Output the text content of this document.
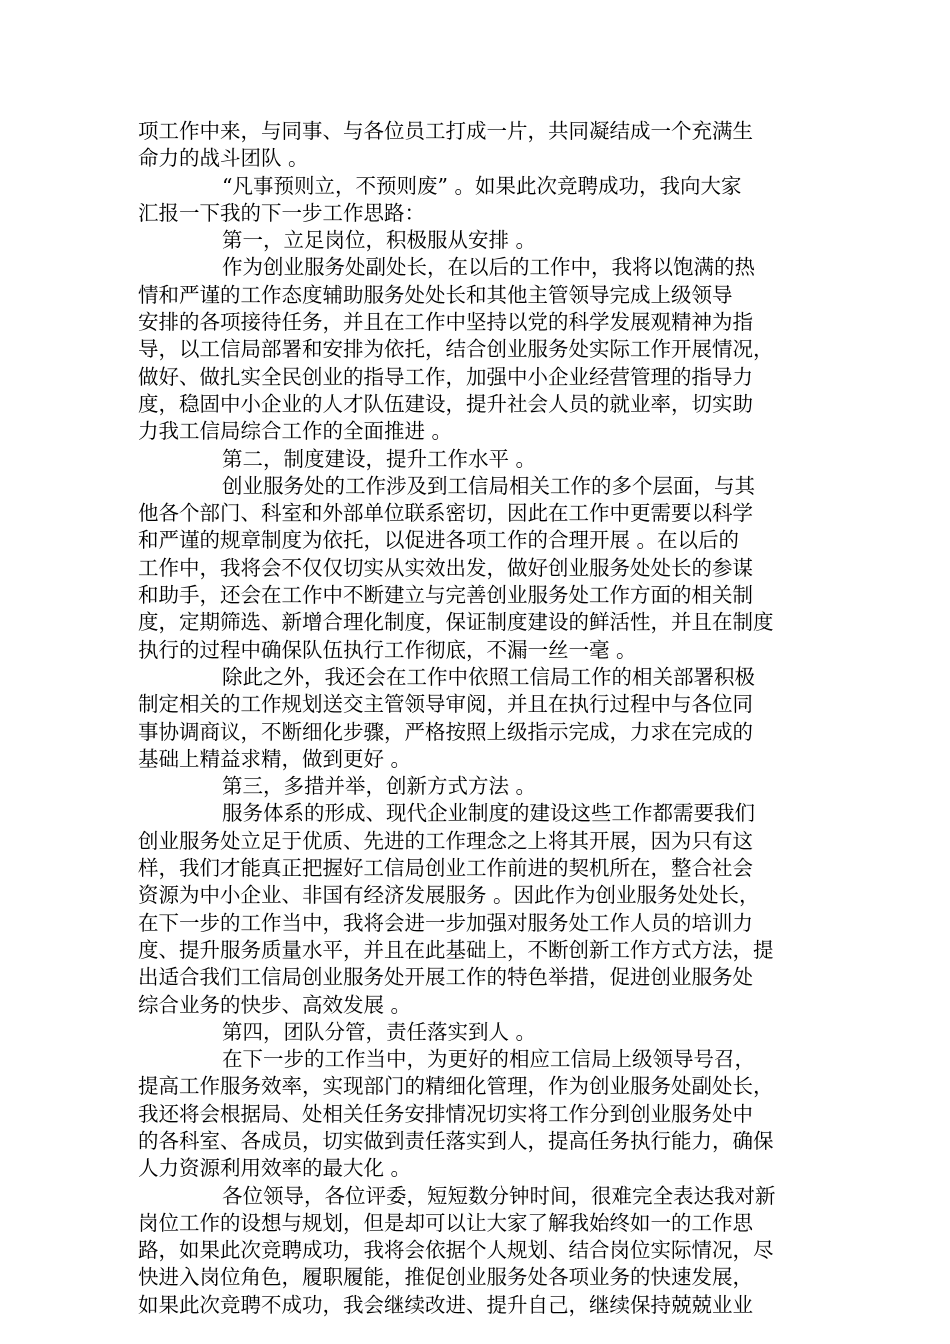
项工作中来，与同事、与各位员工打成一片，共同凝结成一个充满生
命力的战斗团队 。
“凡事预则立，不预则废” 。如果此次竞聘成功，我向大家
汇报一下我的下一步工作思路：
第一，立足岗位，积极服从安排 。
作为创业服务处副处长，在以后的工作中，我将以饱满的热
情和严谨的工作态度辅助服务处处长和其他主管领导完成上级领导
安排的各项接待任务，并且在工作中坚持以党的科学发展观精神为指
导，以工信局部署和安排为依托，结合创业服务处实际工作开展情况，
做好、做扎实全民创业的指导工作，加强中小企业经营管理的指导力
度，稳固中小企业的人才队伍建设，提升社会人员的就业率，切实助
力我工信局综合工作的全面推进 。
第二，制度建设，提升工作水平 。
创业服务处的工作涉及到工信局相关工作的多个层面，与其
他各个部门、科室和外部单位联系密切，因此在工作中更需要以科学
和严谨的规章制度为依托，以促进各项工作的合理开展 。在以后的
工作中，我将会不仅仅切实从实效出发，做好创业服务处处长的参谋
和助手，还会在工作中不断建立与完善创业服务处工作方面的相关制
度，定期筛选、新增合理化制度，保证制度建设的鲜活性，并且在制度
执行的过程中确保队伍执行工作彻底，不漏一丝一毫 。
除此之外，我还会在工作中依照工信局工作的相关部署积极
制定相关的工作规划送交主管领导审阅，并且在执行过程中与各位同
事协调商议，不断细化步骤，严格按照上级指示完成，力求在完成的
基础上精益求精，做到更好 。
第三，多措并举，创新方式方法 。
服务体系的形成、现代企业制度的建设这些工作都需要我们
创业服务处立足于优质、先进的工作理念之上将其开展，因为只有这
样，我们才能真正把握好工信局创业工作前进的契机所在，整合社会
资源为中小企业、非国有经济发展服务 。因此作为创业服务处处长，
在下一步的工作当中，我将会进一步加强对服务处工作人员的培训力
度、提升服务质量水平，并且在此基础上，不断创新工作方式方法，提
出适合我们工信局创业服务处开展工作的特色举措，促进创业服务处
综合业务的快步、高效发展 。
第四，团队分管，责任落实到人 。
在下一步的工作当中，为更好的相应工信局上级领导号召，
提高工作服务效率，实现部门的精细化管理，作为创业服务处副处长，
我还将会根据局、处相关任务安排情况切实将工作分到创业服务处中
的各科室、各成员，切实做到责任落实到人，提高任务执行能力，确保
人力资源利用效率的最大化 。
各位领导，各位评委，短短数分钟时间，很难完全表达我对新
岗位工作的设想与规划，但是却可以让大家了解我始终如一的工作思
路，如果此次竞聘成功，我将会依据个人规划、结合岗位实际情况，尽
快进入岗位角色，履职履能，推促创业服务处各项业务的快速发展，
如果此次竞聘不成功，我会继续改进、提升自己，继续保持兢兢业业
